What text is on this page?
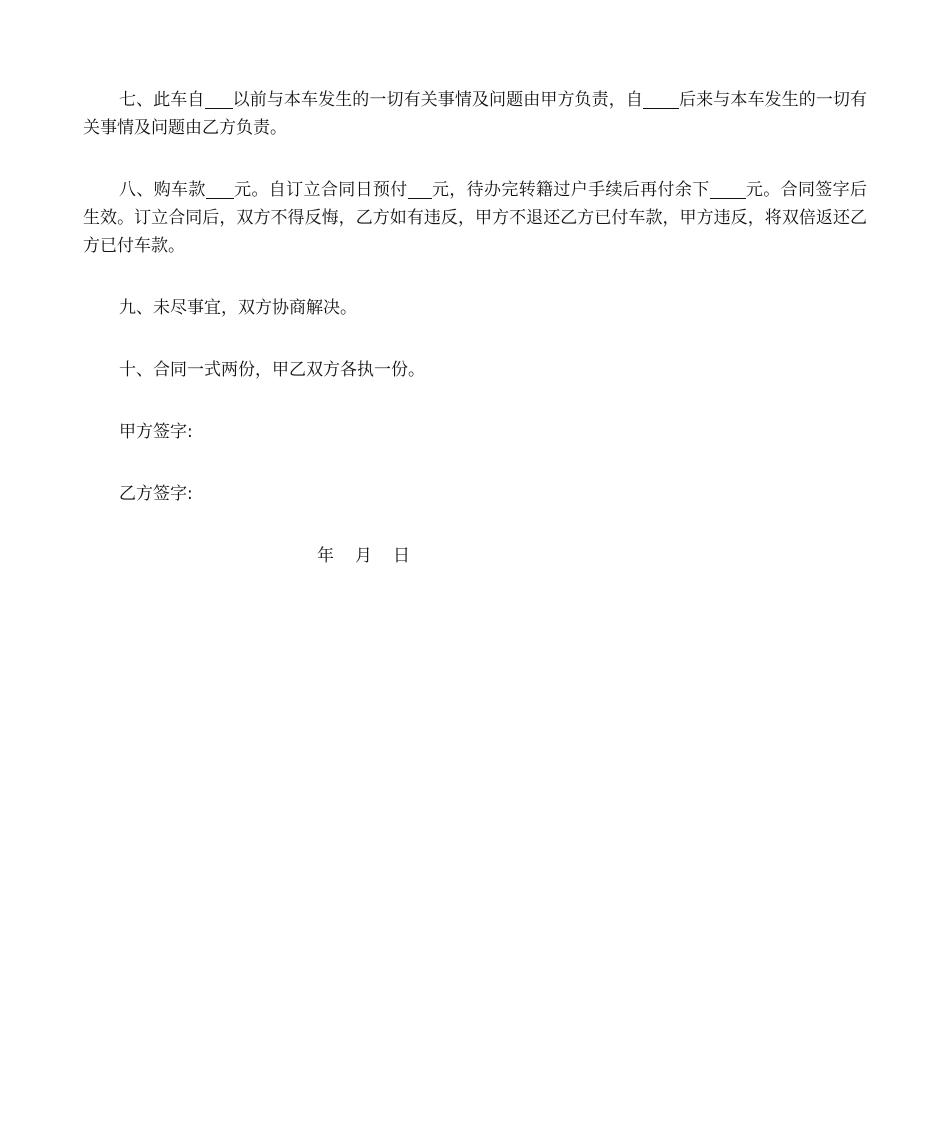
七、此车自 以前与本车发生的一切有关事情及问题由甲方负责，自 后来与本车发生的一切有关事情及问题由乙方负责。

八、购车款 元。自订立合同日预付 元，待办完转籍过户手续后再付余下 元。合同签字后生效。订立合同后，双方不得反悔，乙方如有违反，甲方不退还乙方已付车款，甲方违反，将双倍返还乙方已付车款。

九、未尽事宜，双方协商解决。

十、合同一式两份，甲乙双方各执一份。

甲方签字:

乙方签字:

年 月 日
